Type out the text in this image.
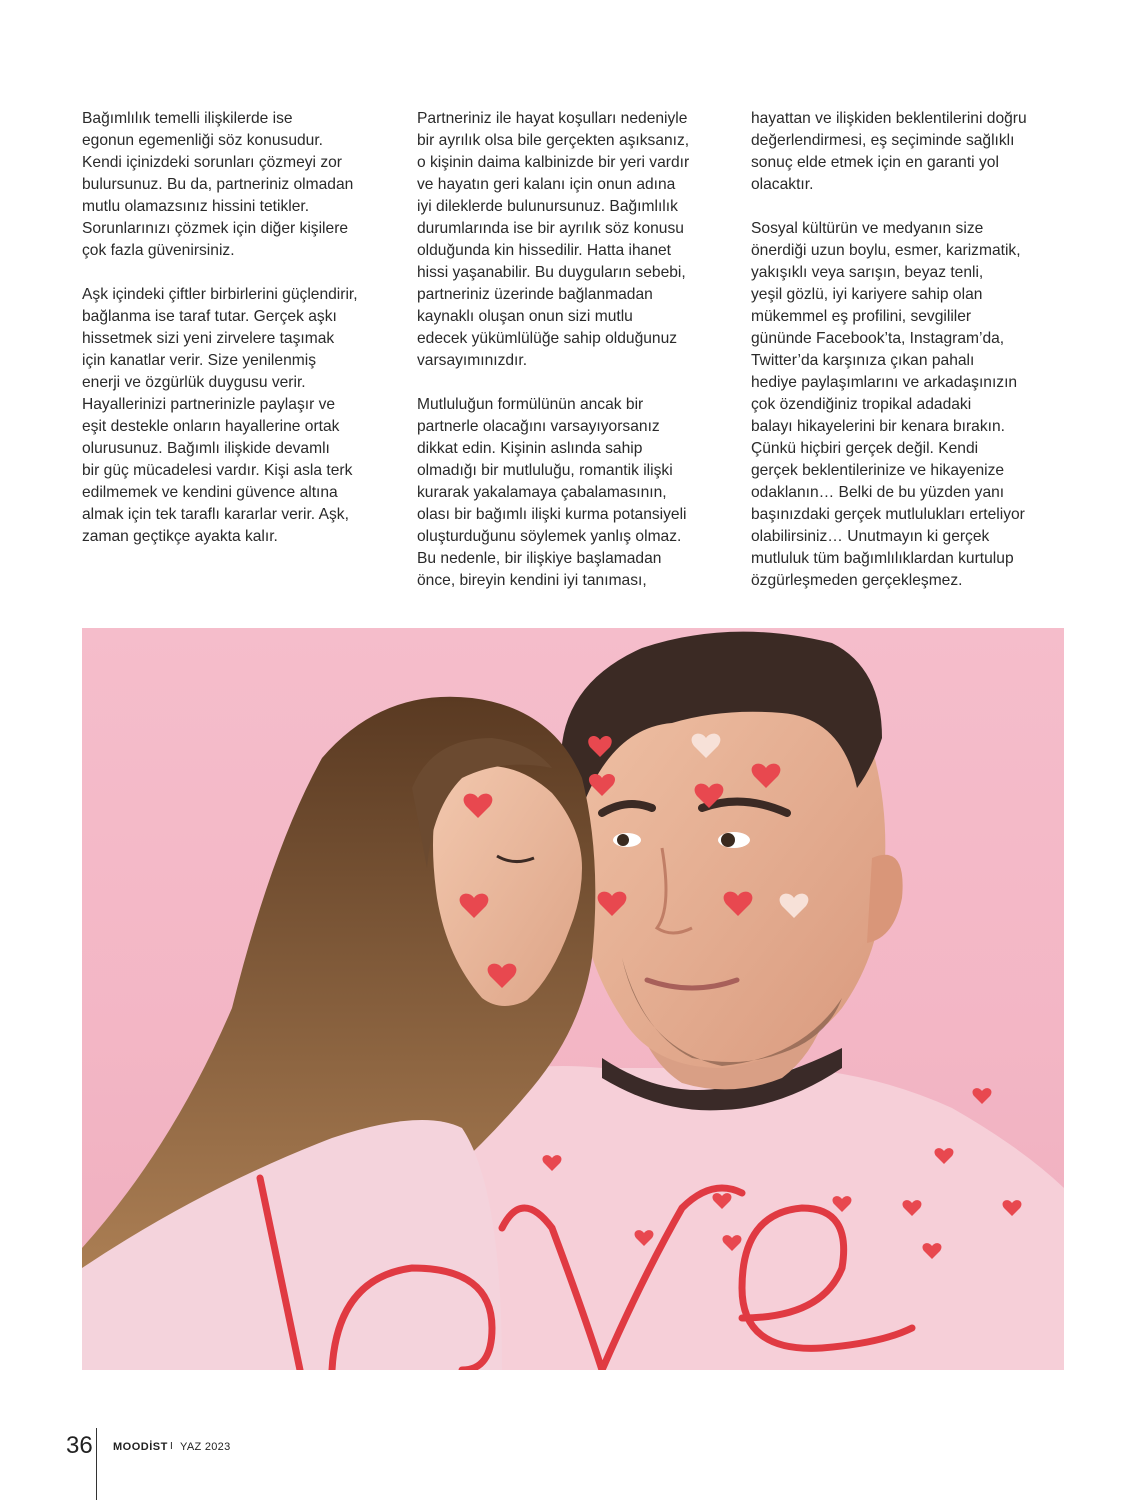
Bağımlılık temelli ilişkilerde ise
egonun egemenliği söz konusudur.
Kendi içinizdeki sorunları çözmeyi zor
bulursunuz. Bu da, partneriniz olmadan
mutlu olamazsınız hissini tetikler.
Sorunlarınızı çözmek için diğer kişilere
çok fazla güvenirsiniz.

Aşk içindeki çiftler birbirlerini güçlendirir,
bağlanma ise taraf tutar. Gerçek aşkı
hissetmek sizi yeni zirvelere taşımak
için kanatlar verir. Size yenilenmiş
enerji ve özgürlük duygusu verir.
Hayallerinizi partnerinizle paylaşır ve
eşit destekle onların hayallerine ortak
olurusunuz. Bağımlı ilişkide devamlı
bir güç mücadelesi vardır. Kişi asla terk
edilmemek ve kendini güvence altına
almak için tek taraflı kararlar verir. Aşk,
zaman geçtikçe ayakta kalır.

Partneriniz ile hayat koşulları nedeniyle
bir ayrılık olsa bile gerçekten aşıksanız,
o kişinin daima kalbinizde bir yeri vardır
ve hayatın geri kalanı için onun adına
iyi dileklerde bulunursunuz. Bağımlılık
durumlarında ise bir ayrılık söz konusu
olduğunda kin hissedilir. Hatta ihanet
hissi yaşanabilir. Bu duyguların sebebi,
partneriniz üzerinde bağlanmadan
kaynaklı oluşan onun sizi mutlu
edecek yükümlülüğe sahip olduğunuz
varsayımınızdır.

Mutluluğun formülünün ancak bir
partnerle olacağını varsayıyorsanız
dikkat edin. Kişinin aslında sahip
olmadığı bir mutluluğu, romantik ilişki
kurarak yakalamaya çabalamasının,
olası bir bağımlı ilişki kurma potansiyeli
oluşturduğunu söylemek yanlış olmaz.
Bu nedenle, bir ilişkiye başlamadan
önce, bireyin kendini iyi tanıması,

hayattan ve ilişkiden beklentilerini doğru
değerlendirmesi, eş seçiminde sağlıklı
sonuç elde etmek için en garanti yol
olacaktır.

Sosyal kültürün ve medyanın size
önerdiği uzun boylu, esmer, karizmatik,
yakışıklı veya sarışın, beyaz tenli,
yeşil gözlü, iyi kariyere sahip olan
mükemmel eş profilini, sevgililer
gününde Facebook’ta, Instagram’da,
Twitter’da karşınıza çıkan pahalı
hediye paylaşımlarını ve arkadaşınızın
çok özendiğiniz tropikal adadaki
balayı hikayelerini bir kenara bırakın.
Çünkü hiçbiri gerçek değil. Kendi
gerçek beklentilerinize ve hikayenize
odaklanın… Belki de bu yüzden yanı
başınızdaki gerçek mutlulukları erteliyor
olabilirsiniz… Unutmayın ki gerçek
mutluluk tüm bağımlılıklardan kurtulup
özgürleşmeden gerçekleşmez.

36 MOODİST I YAZ 2023
